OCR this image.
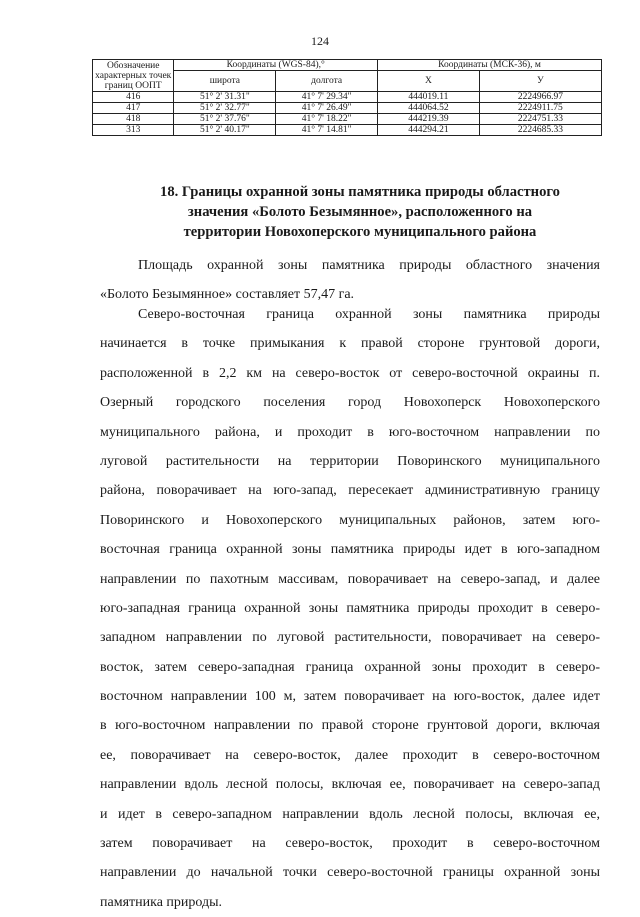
124
Обозначение
характерных точек
границ ООПТ	Координаты (WGS-84),°		Координаты (МСК-36), м	
	широта	долгота	X	У
416	51° 2' 31.31"	41° 7' 29.34"	444019.11	2224966.97
417	51° 2' 32.77"	41° 7' 26.49"	444064.52	2224911.75
418	51° 2' 37.76"	41° 7' 18.22"	444219.39	2224751.33
313	51° 2' 40.17"	41° 7' 14.81"	444294.21	2224685.33
18. Границы охранной зоны памятника природы областного
значения «Болото Безымянное», расположенного на
территории Новохоперского муниципального района
Площадь охранной зоны памятника природы областного значения
«Болото Безымянное» составляет 57,47 га.
Северо-восточная граница охранной зоны памятника природы
начинается в точке примыкания к правой стороне грунтовой дороги,
расположенной в 2,2 км на северо-восток от северо-восточной окраины п.
Озерный городского поселения город Новохоперск Новохоперского
муниципального района, и проходит в юго-восточном направлении по
луговой растительности на территории Поворинского муниципального
района, поворачивает на юго-запад, пересекает административную границу
Поворинского и Новохоперского муниципальных районов, затем юго-
восточная граница охранной зоны памятника природы идет в юго-западном
направлении по пахотным массивам, поворачивает на северо-запад, и далее
юго-западная граница охранной зоны памятника природы проходит в северо-
западном направлении по луговой растительности, поворачивает на северо-
восток, затем северо-западная граница охранной зоны проходит в северо-
восточном направлении 100 м, затем поворачивает на юго-восток, далее идет
в юго-восточном направлении по правой стороне грунтовой дороги, включая
ее, поворачивает на северо-восток, далее проходит в северо-восточном
направлении вдоль лесной полосы, включая ее, поворачивает на северо-запад
и идет в северо-западном направлении вдоль лесной полосы, включая ее,
затем поворачивает на северо-восток, проходит в северо-восточном
направлении до начальной точки северо-восточной границы охранной зоны
памятника природы.
